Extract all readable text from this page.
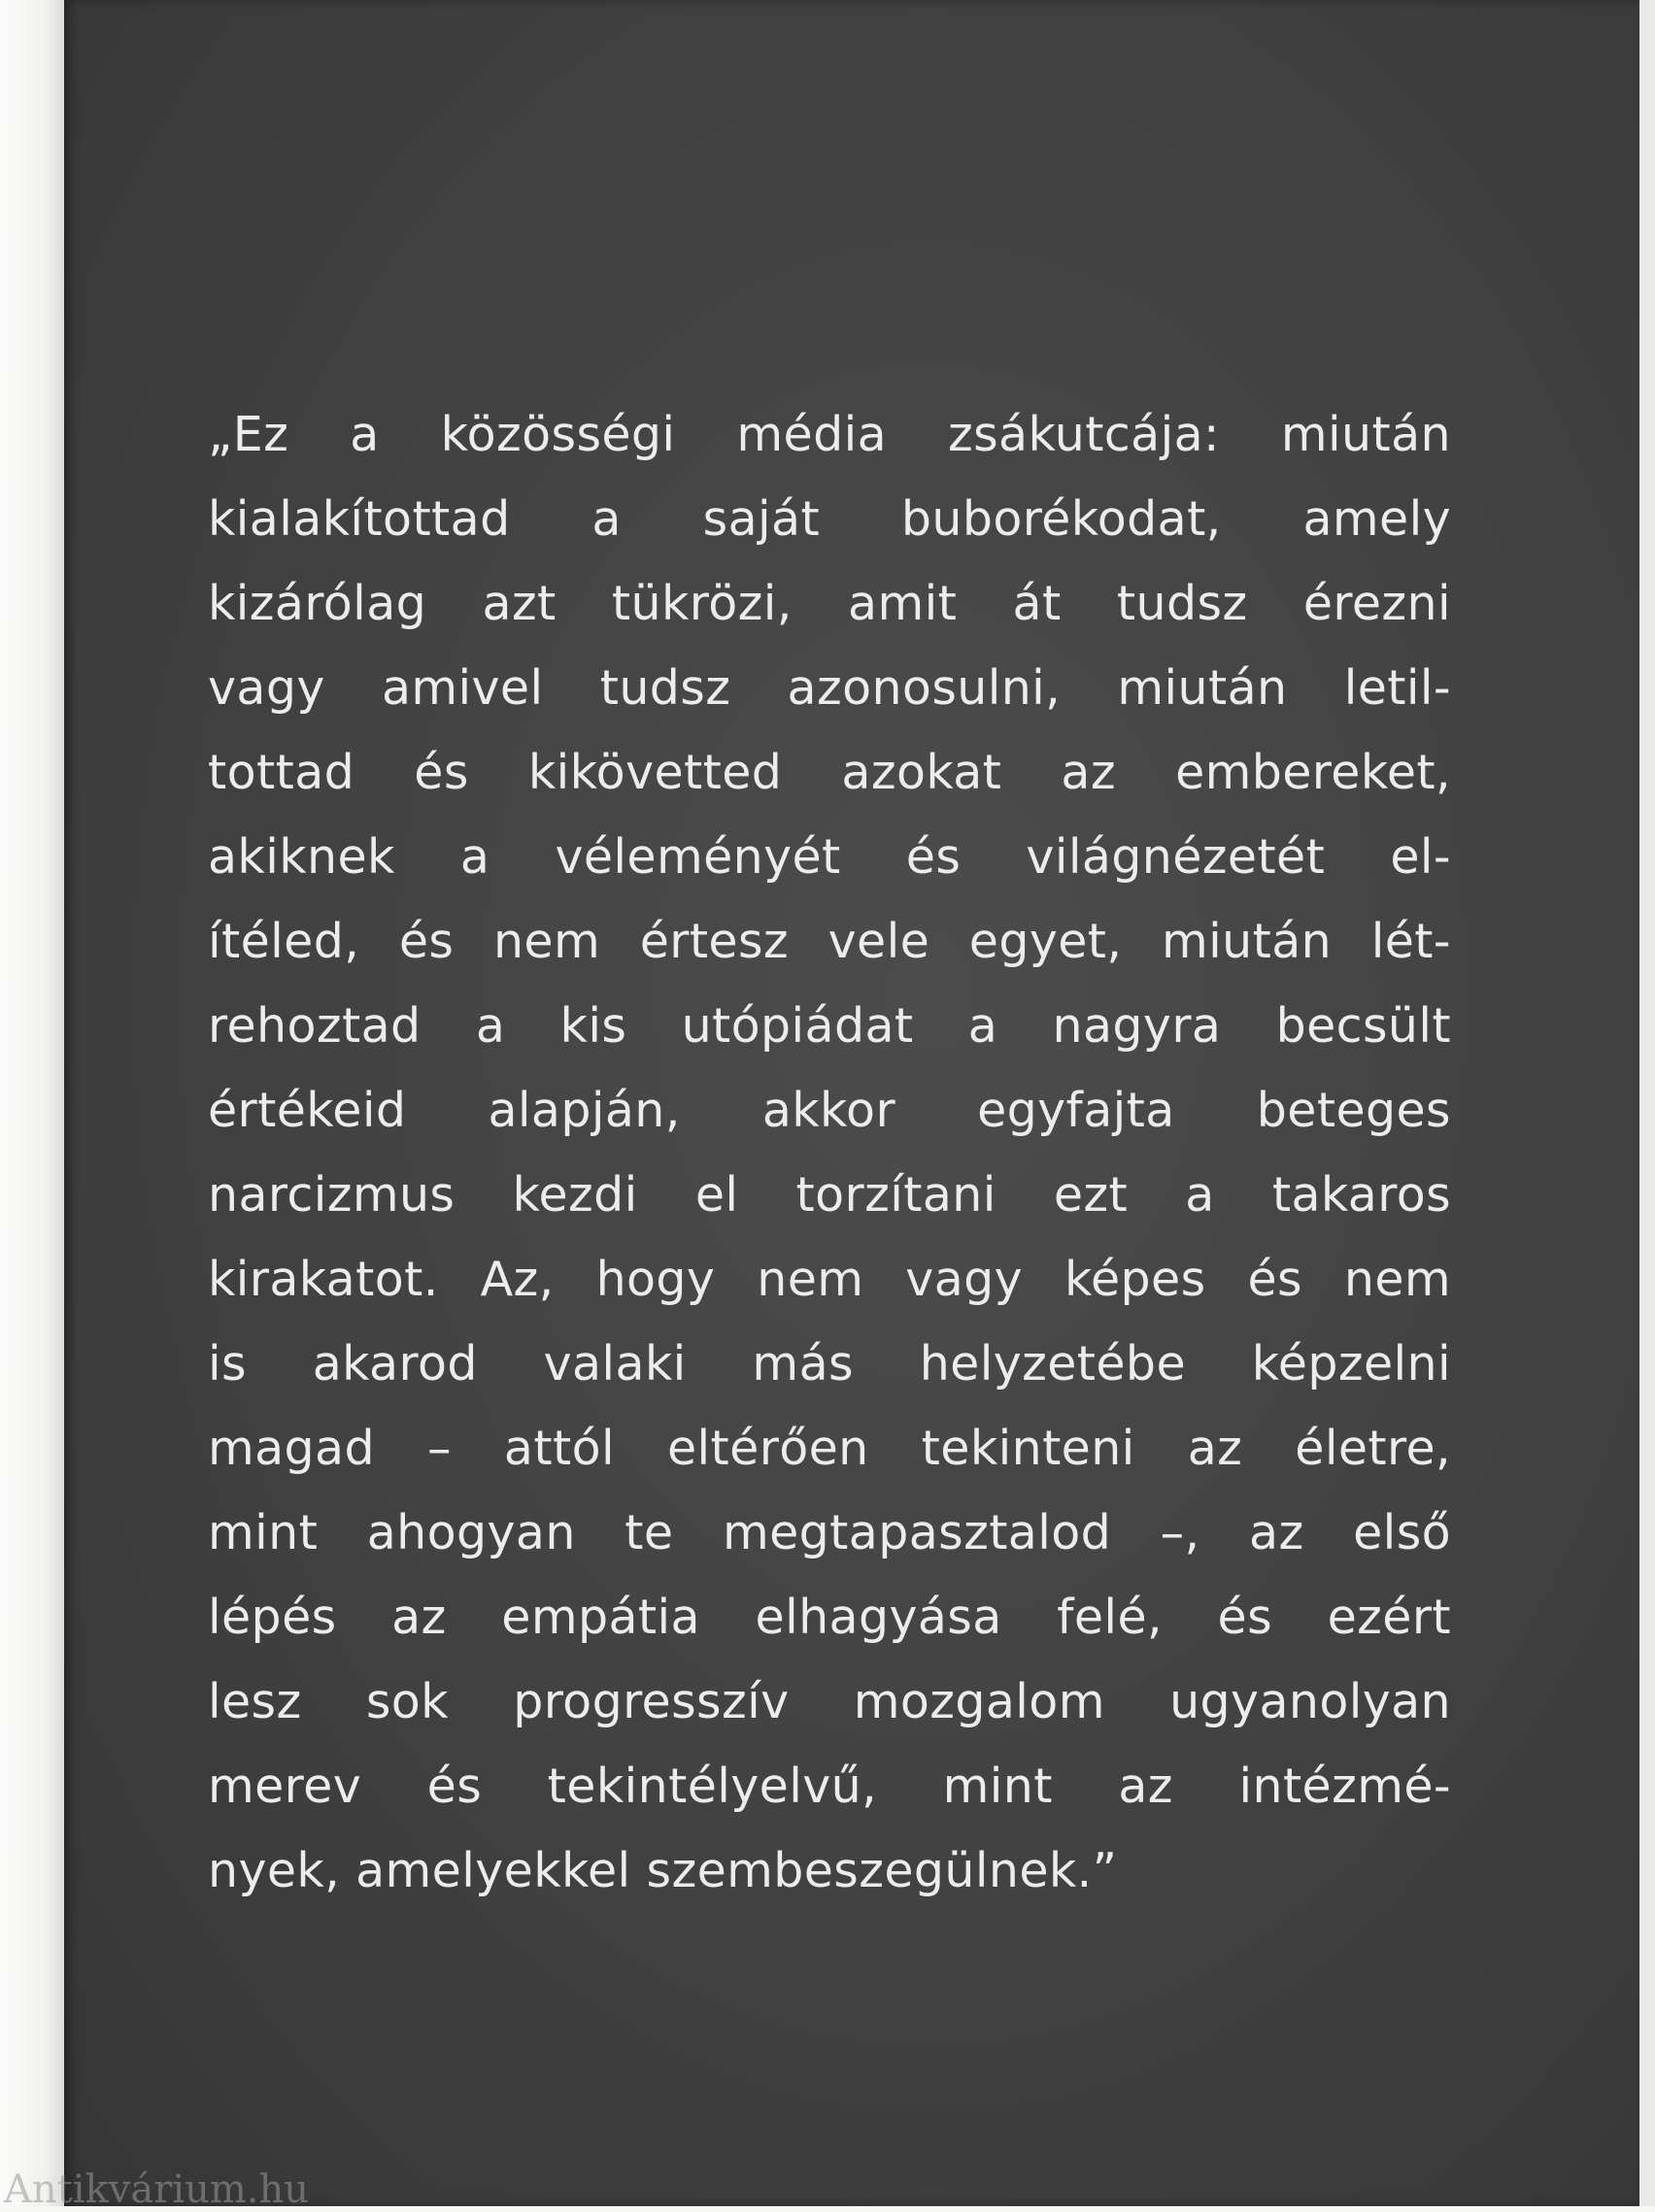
„Ez a közösségi média zsákutcája: miután
kialakítottad a saját buborékodat, amely
kizárólag azt tükrözi, amit át tudsz érezni
vagy amivel tudsz azonosulni, miután letil-
tottad és kikövetted azokat az embereket,
akiknek a véleményét és világnézetét el-
ítéled, és nem értesz vele egyet, miután lét-
rehoztad a kis utópiádat a nagyra becsült
értékeid alapján, akkor egyfajta beteges
narcizmus kezdi el torzítani ezt a takaros
kirakatot. Az, hogy nem vagy képes és nem
is akarod valaki más helyzetébe képzelni
magad – attól eltérően tekinteni az életre,
mint ahogyan te megtapasztalod –, az első
lépés az empátia elhagyása felé, és ezért
lesz sok progresszív mozgalom ugyanolyan
merev és tekintélyelvű, mint az intézmé-
nyek, amelyekkel szembeszegülnek.”
Antikvárium.hu
